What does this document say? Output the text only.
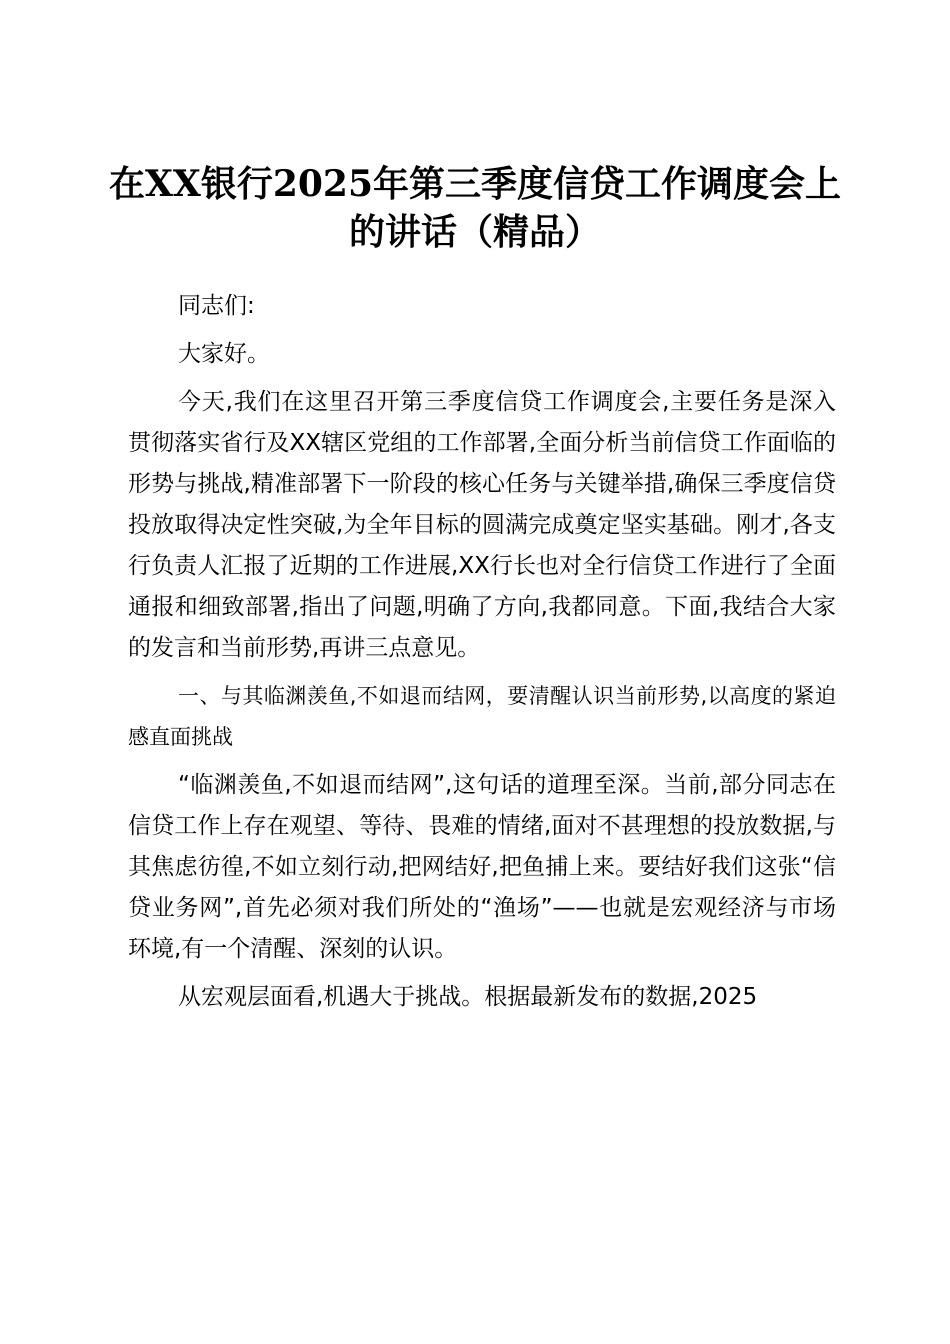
在XX银行2025年第三季度信贷工作调度会上的讲话（精品）

同志们:

大家好。

今天,我们在这里召开第三季度信贷工作调度会,主要任务是深入贯彻落实省行及XX辖区党组的工作部署,全面分析当前信贷工作面临的形势与挑战,精准部署下一阶段的核心任务与关键举措,确保三季度信贷投放取得决定性突破,为全年目标的圆满完成奠定坚实基础。刚才,各支行负责人汇报了近期的工作进展,XX行长也对全行信贷工作进行了全面通报和细致部署,指出了问题,明确了方向,我都同意。下面,我结合大家的发言和当前形势,再讲三点意见。

一、与其临渊羡鱼,不如退而结网，要清醒认识当前形势,以高度的紧迫感直面挑战

“临渊羡鱼,不如退而结网”,这句话的道理至深。当前,部分同志在信贷工作上存在观望、等待、畏难的情绪,面对不甚理想的投放数据,与其焦虑彷徨,不如立刻行动,把网结好,把鱼捕上来。要结好我们这张“信贷业务网”,首先必须对我们所处的“渔场”——也就是宏观经济与市场环境,有一个清醒、深刻的认识。

从宏观层面看,机遇大于挑战。根据最新发布的数据,2025
